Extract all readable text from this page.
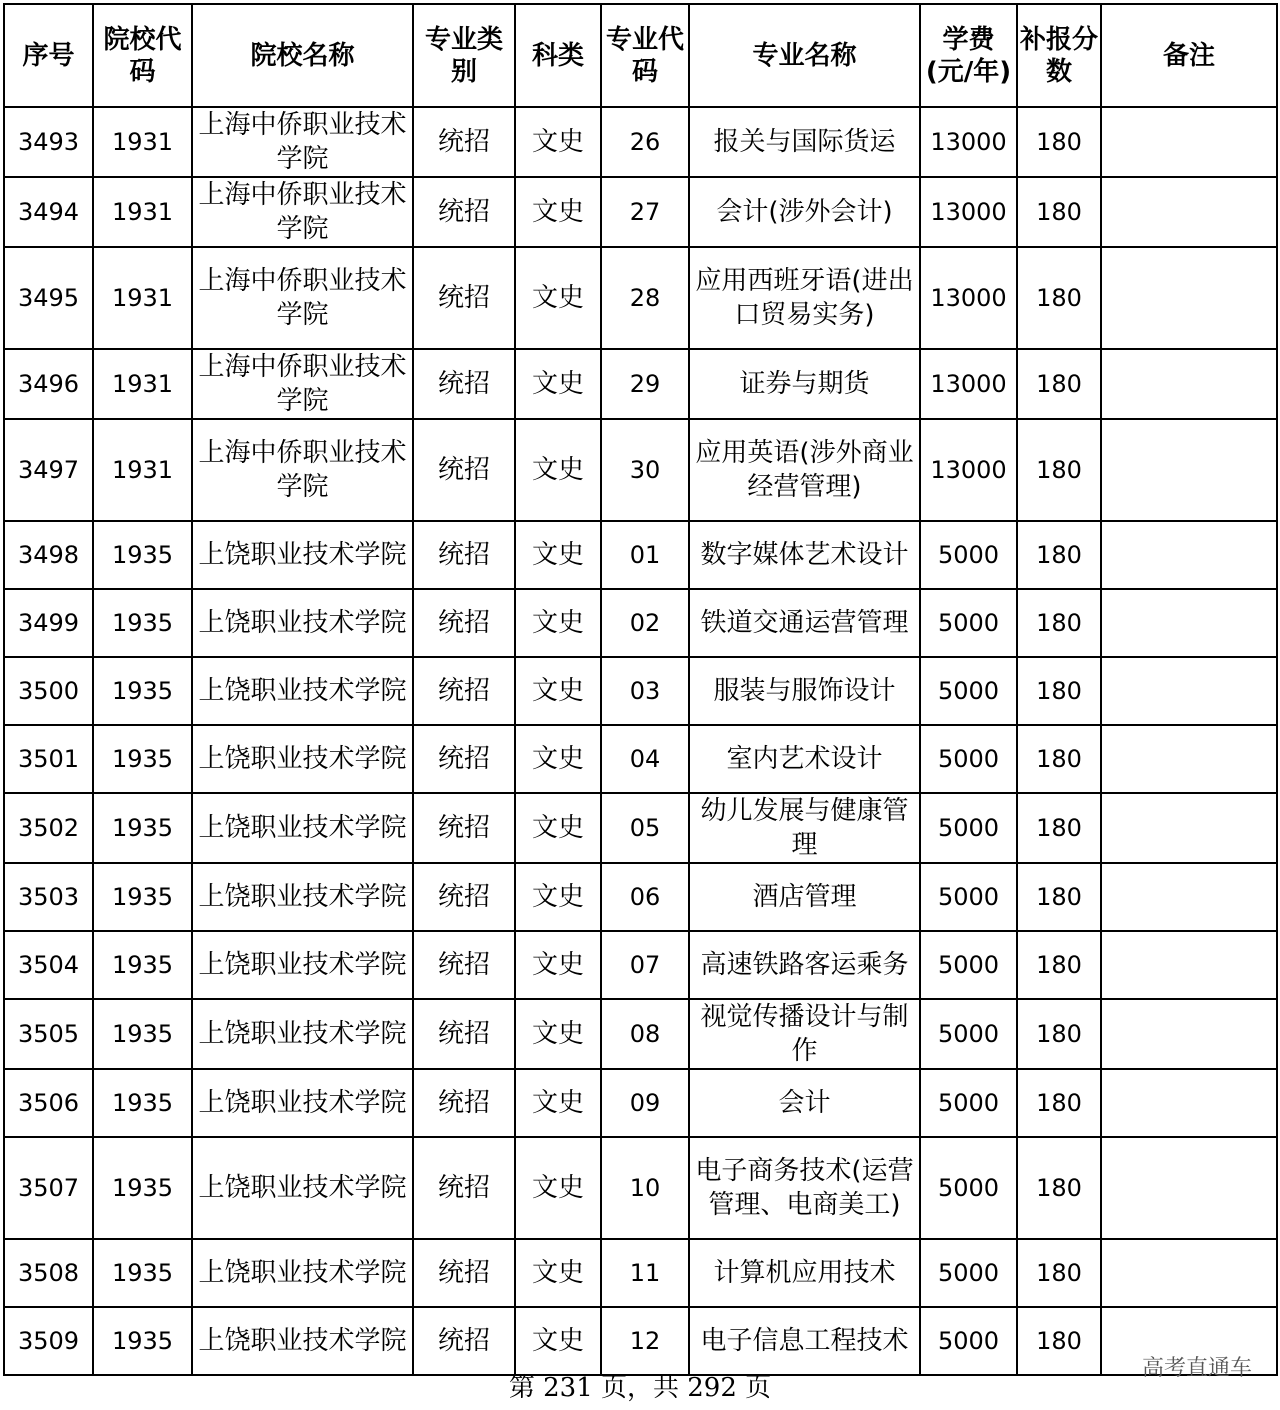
序号	院校代码	院校名称	专业类别	科类	专业代码	专业名称	学费(元/年)	补报分数	备注
3493	1931	上海中侨职业技术学院	统招	文史	26	报关与国际货运	13000	180	
3494	1931	上海中侨职业技术学院	统招	文史	27	会计(涉外会计)	13000	180	
3495	1931	上海中侨职业技术学院	统招	文史	28	应用西班牙语(进出口贸易实务)	13000	180	
3496	1931	上海中侨职业技术学院	统招	文史	29	证券与期货	13000	180	
3497	1931	上海中侨职业技术学院	统招	文史	30	应用英语(涉外商业经营管理)	13000	180	
3498	1935	上饶职业技术学院	统招	文史	01	数字媒体艺术设计	5000	180	
3499	1935	上饶职业技术学院	统招	文史	02	铁道交通运营管理	5000	180	
3500	1935	上饶职业技术学院	统招	文史	03	服装与服饰设计	5000	180	
3501	1935	上饶职业技术学院	统招	文史	04	室内艺术设计	5000	180	
3502	1935	上饶职业技术学院	统招	文史	05	幼儿发展与健康管理	5000	180	
3503	1935	上饶职业技术学院	统招	文史	06	酒店管理	5000	180	
3504	1935	上饶职业技术学院	统招	文史	07	高速铁路客运乘务	5000	180	
3505	1935	上饶职业技术学院	统招	文史	08	视觉传播设计与制作	5000	180	
3506	1935	上饶职业技术学院	统招	文史	09	会计	5000	180	
3507	1935	上饶职业技术学院	统招	文史	10	电子商务技术(运营管理、电商美工)	5000	180	
3508	1935	上饶职业技术学院	统招	文史	11	计算机应用技术	5000	180	
3509	1935	上饶职业技术学院	统招	文史	12	电子信息工程技术	5000	180	
第 231 页，共 292 页
高考直通车
